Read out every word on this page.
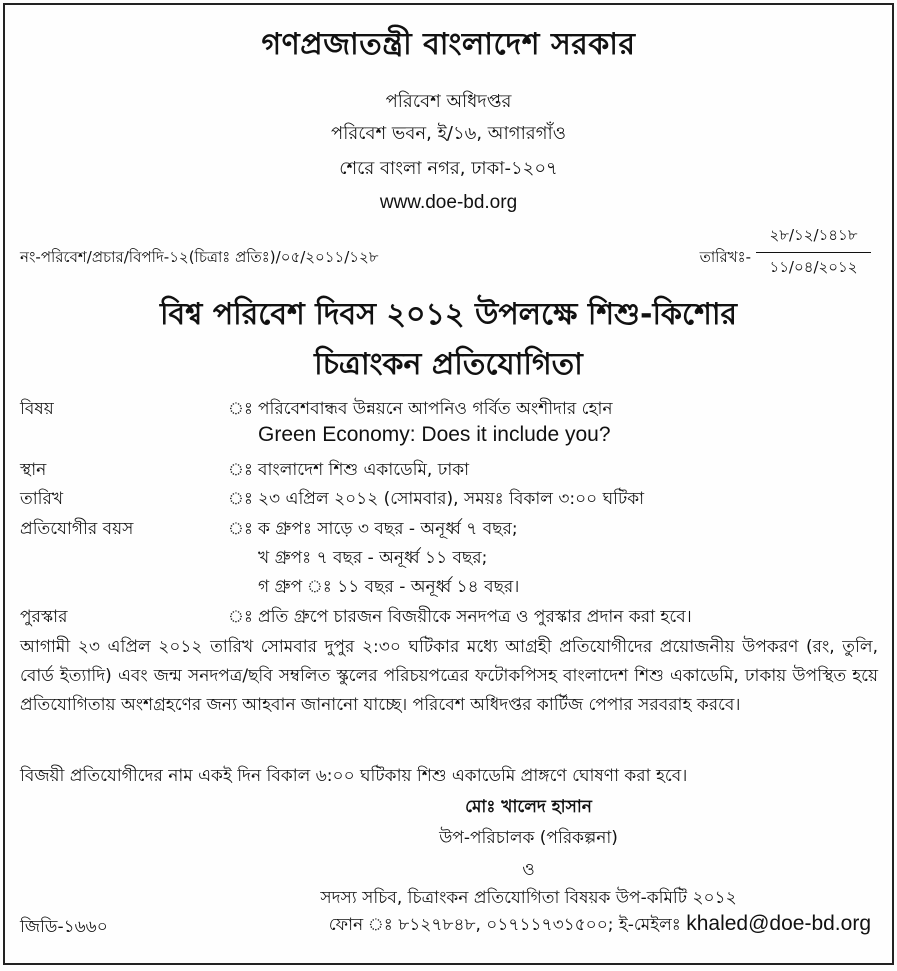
গণপ্রজাতন্ত্রী বাংলাদেশ সরকার
পরিবেশ অধিদপ্তর
পরিবেশ ভবন, ই/১৬, আগারগাঁও
শেরে বাংলা নগর, ঢাকা-১২০৭
www.doe-bd.org
নং-পরিবেশ/প্রচার/বিপদি-১২(চিত্রাঃ প্রতিঃ)/০৫/২০১১/১২৮	তারিখঃ- $\frac{২৮/১২/১৪১৮}{১১/০৪/২০১২}$
বিশ্ব পরিবেশ দিবস ২০১২ উপলক্ষে শিশু-কিশোর
চিত্রাংকন প্রতিযোগিতা
বিষয়	ঃ পরিবেশবান্ধব উন্নয়নে আপনিও গর্বিত অংশীদার হোন
Green Economy: Does it include you?
স্থান	ঃ বাংলাদেশ শিশু একাডেমি, ঢাকা
তারিখ	ঃ ২৩ এপ্রিল ২০১২ (সোমবার), সময়ঃ বিকাল ৩:০০ ঘটিকা
প্রতিযোগীর বয়স	ঃ ক গ্রুপঃ সাড়ে ৩ বছর - অনূর্ধ্ব ৭ বছর;
খ গ্রুপঃ ৭ বছর - অনূর্ধ্ব ১১ বছর;
গ গ্রুপ ঃ ১১ বছর - অনূর্ধ্ব ১৪ বছর।
পুরস্কার	ঃ প্রতি গ্রুপে চারজন বিজয়ীকে সনদপত্র ও পুরস্কার প্রদান করা হবে।
আগামী ২৩ এপ্রিল ২০১২ তারিখ সোমবার দুপুর ২:৩০ ঘটিকার মধ্যে আগ্রহী প্রতিযোগীদের প্রয়োজনীয় উপকরণ (রং, তুলি, বোর্ড ইত্যাদি) এবং জন্ম সনদপত্র/ছবি সম্বলিত স্কুলের পরিচয়পত্রের ফটোকপিসহ বাংলাদেশ শিশু একাডেমি, ঢাকায় উপস্থিত হয়ে প্রতিযোগিতায় অংশগ্রহণের জন্য আহবান জানানো যাচ্ছে। পরিবেশ অধিদপ্তর কার্টিজ পেপার সরবরাহ করবে।
বিজয়ী প্রতিযোগীদের নাম একই দিন বিকাল ৬:০০ ঘটিকায় শিশু একাডেমি প্রাঙ্গণে ঘোষণা করা হবে।
মোঃ খালেদ হাসান
উপ-পরিচালক (পরিকল্পনা)
ও
সদস্য সচিব, চিত্রাংকন প্রতিযোগিতা বিষয়ক উপ-কমিটি ২০১২
জিডি-১৬৬০	ফোন ঃ ৮১২৭৮৪৮, ০১৭১১৭৩১৫০০; ই-মেইলঃ khaled@doe-bd.org
